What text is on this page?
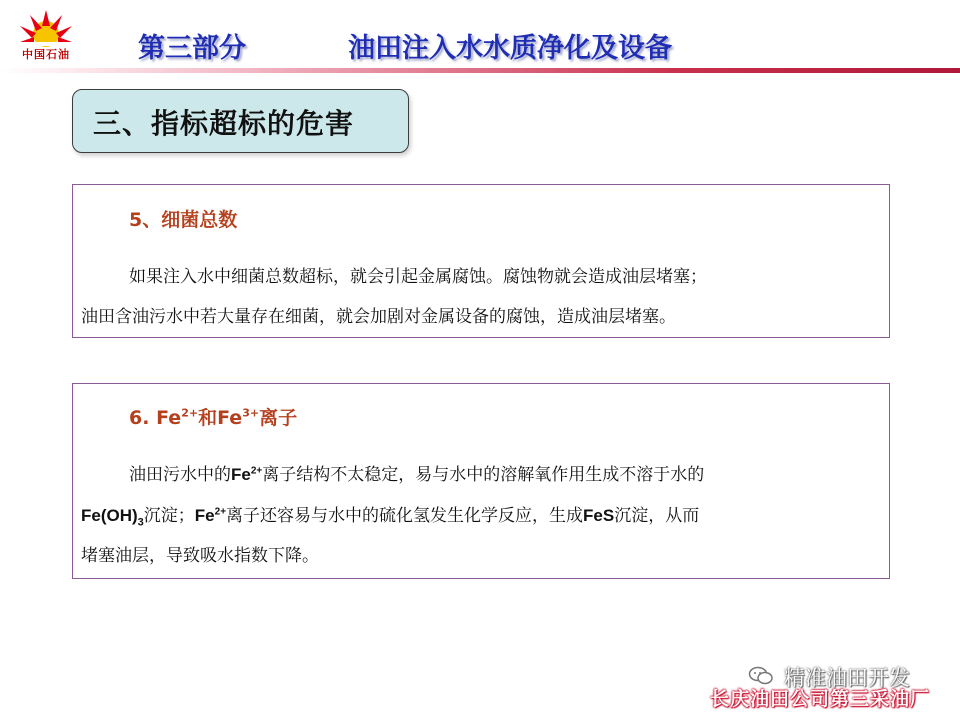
中国石油	第三部分	油田注入水水质净化及设备
三、指标超标的危害
5、细菌总数
如果注入水中细菌总数超标，就会引起金属腐蚀。腐蚀物就会造成油层堵塞；
油田含油污水中若大量存在细菌，就会加剧对金属设备的腐蚀，造成油层堵塞。
6. $Fe^{2+}$和$Fe^{3+}$离子
油田污水中的$Fe^{2+}$离子结构不太稳定，易与水中的溶解氧作用生成不溶于水的
$Fe(OH)_3$沉淀；$Fe^{2+}$离子还容易与水中的硫化氢发生化学反应，生成FeS沉淀，从而
堵塞油层，导致吸水指数下降。
精准油田开发
长庆油田公司第三采油厂
